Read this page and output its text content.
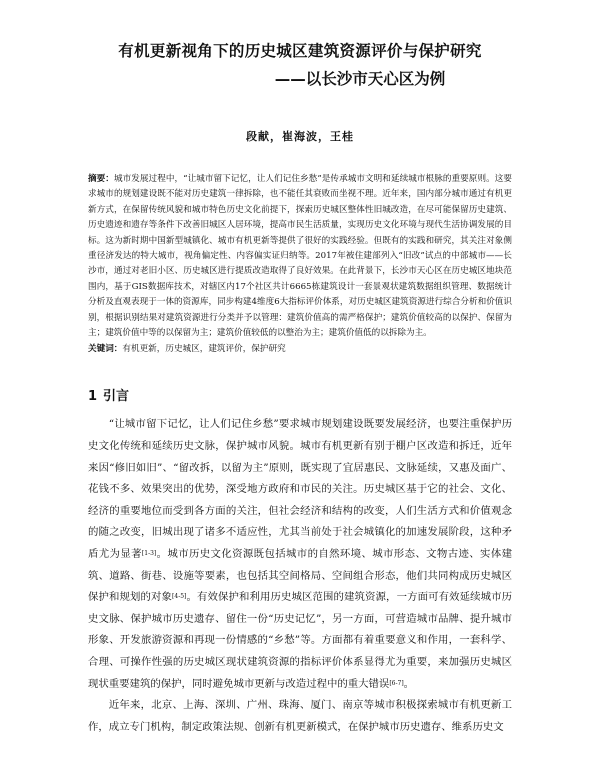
有机更新视角下的历史城区建筑资源评价与保护研究
——以长沙市天心区为例
段献，崔海波，王桂
摘要：城市发展过程中，“让城市留下记忆，让人们记住乡愁”是传承城市文明和延续城市根脉的重要原则。这要求城市的规划建设既不能对历史建筑一律拆除，也不能任其衰败而坐视不理。近年来，国内部分城市通过有机更新方式，在保留传统风貌和城市特色历史文化前提下，探索历史城区整体性旧城改造，在尽可能保留历史建筑、历史遗迹和遗存等条件下改善旧城区人居环境，提高市民生活质量，实现历史文化环境与现代生活协调发展的目标。这为新时期中国新型城镇化、城市有机更新等提供了很好的实践经验。但既有的实践和研究，其关注对象侧重径济发达的特大城市，视角偏定性、内容偏实证归纳等。2017年被住建部列入“旧改”试点的中部城市——长沙市，通过对老旧小区、历史城区进行提质改造取得了良好效果。在此背景下，长沙市天心区在历史城区地块范围内，基于GIS数据库技术，对辖区内17个社区共计6665栋建筑设计一套景观状建筑数据组织管理、数据统计分析及直观表现于一体的资源库，同步构建4维度6大指标评价体系，对历史城区建筑资源进行综合分析和价值识别，根据识别结果对建筑资源进行分类并予以管理：建筑价值高的需严格保护；建筑价值较高的以保护、保留为主；建筑价值中等的以保留为主；建筑价值较低的以整治为主；建筑价值低的以拆除为主。
关键词：有机更新，历史城区，建筑评价，保护研究
1 引言

“让城市留下记忆，让人们记住乡愁”要求城市规划建设既要发展经济，也要注重保护历史文化传统和延续历史文脉，保护城市风貌。城市有机更新有别于棚户区改造和拆迁，近年来因“修旧如旧”、“留改拆，以留为主”原则，既实现了宜居惠民、文脉延续，又惠及面广、花钱不多、效果突出的优势，深受地方政府和市民的关注。历史城区基于它的社会、文化、经济的重要地位而受到各方面的关注，但社会经济和结构的改变，人们生活方式和价值观念的随之改变，旧城出现了诸多不适应性，尤其当前处于社会城镇化的加速发展阶段，这种矛盾尤为显著[1-3]。城市历史文化资源既包括城市的自然环境、城市形态、文物古迹、实体建筑、道路、街巷、设施等要素，也包括其空间格局、空间组合形态，他们共同构成历史城区保护和规划的对象[4-5]。有效保护和利用历史城区范围的建筑资源，一方面可有效延续城市历史文脉、保护城市历史遗存、留住一份“历史记忆”，另一方面，可营造城市品牌、提升城市形象、开发旅游资源和再现一份情感的“乡愁”等。方面都有着重要意义和作用，一套科学、合理、可操作性强的历史城区现状建筑资源的指标评价体系显得尤为重要，来加强历史城区现状重要建筑的保护，同时避免城市更新与改造过程中的重大错误[6-7]。

近年来，北京、上海、深圳、广州、珠海、厦门、南京等城市积极探索城市有机更新工作，成立专门机构，制定政策法规、创新有机更新模式，在保护城市历史遗存、维系历史文
